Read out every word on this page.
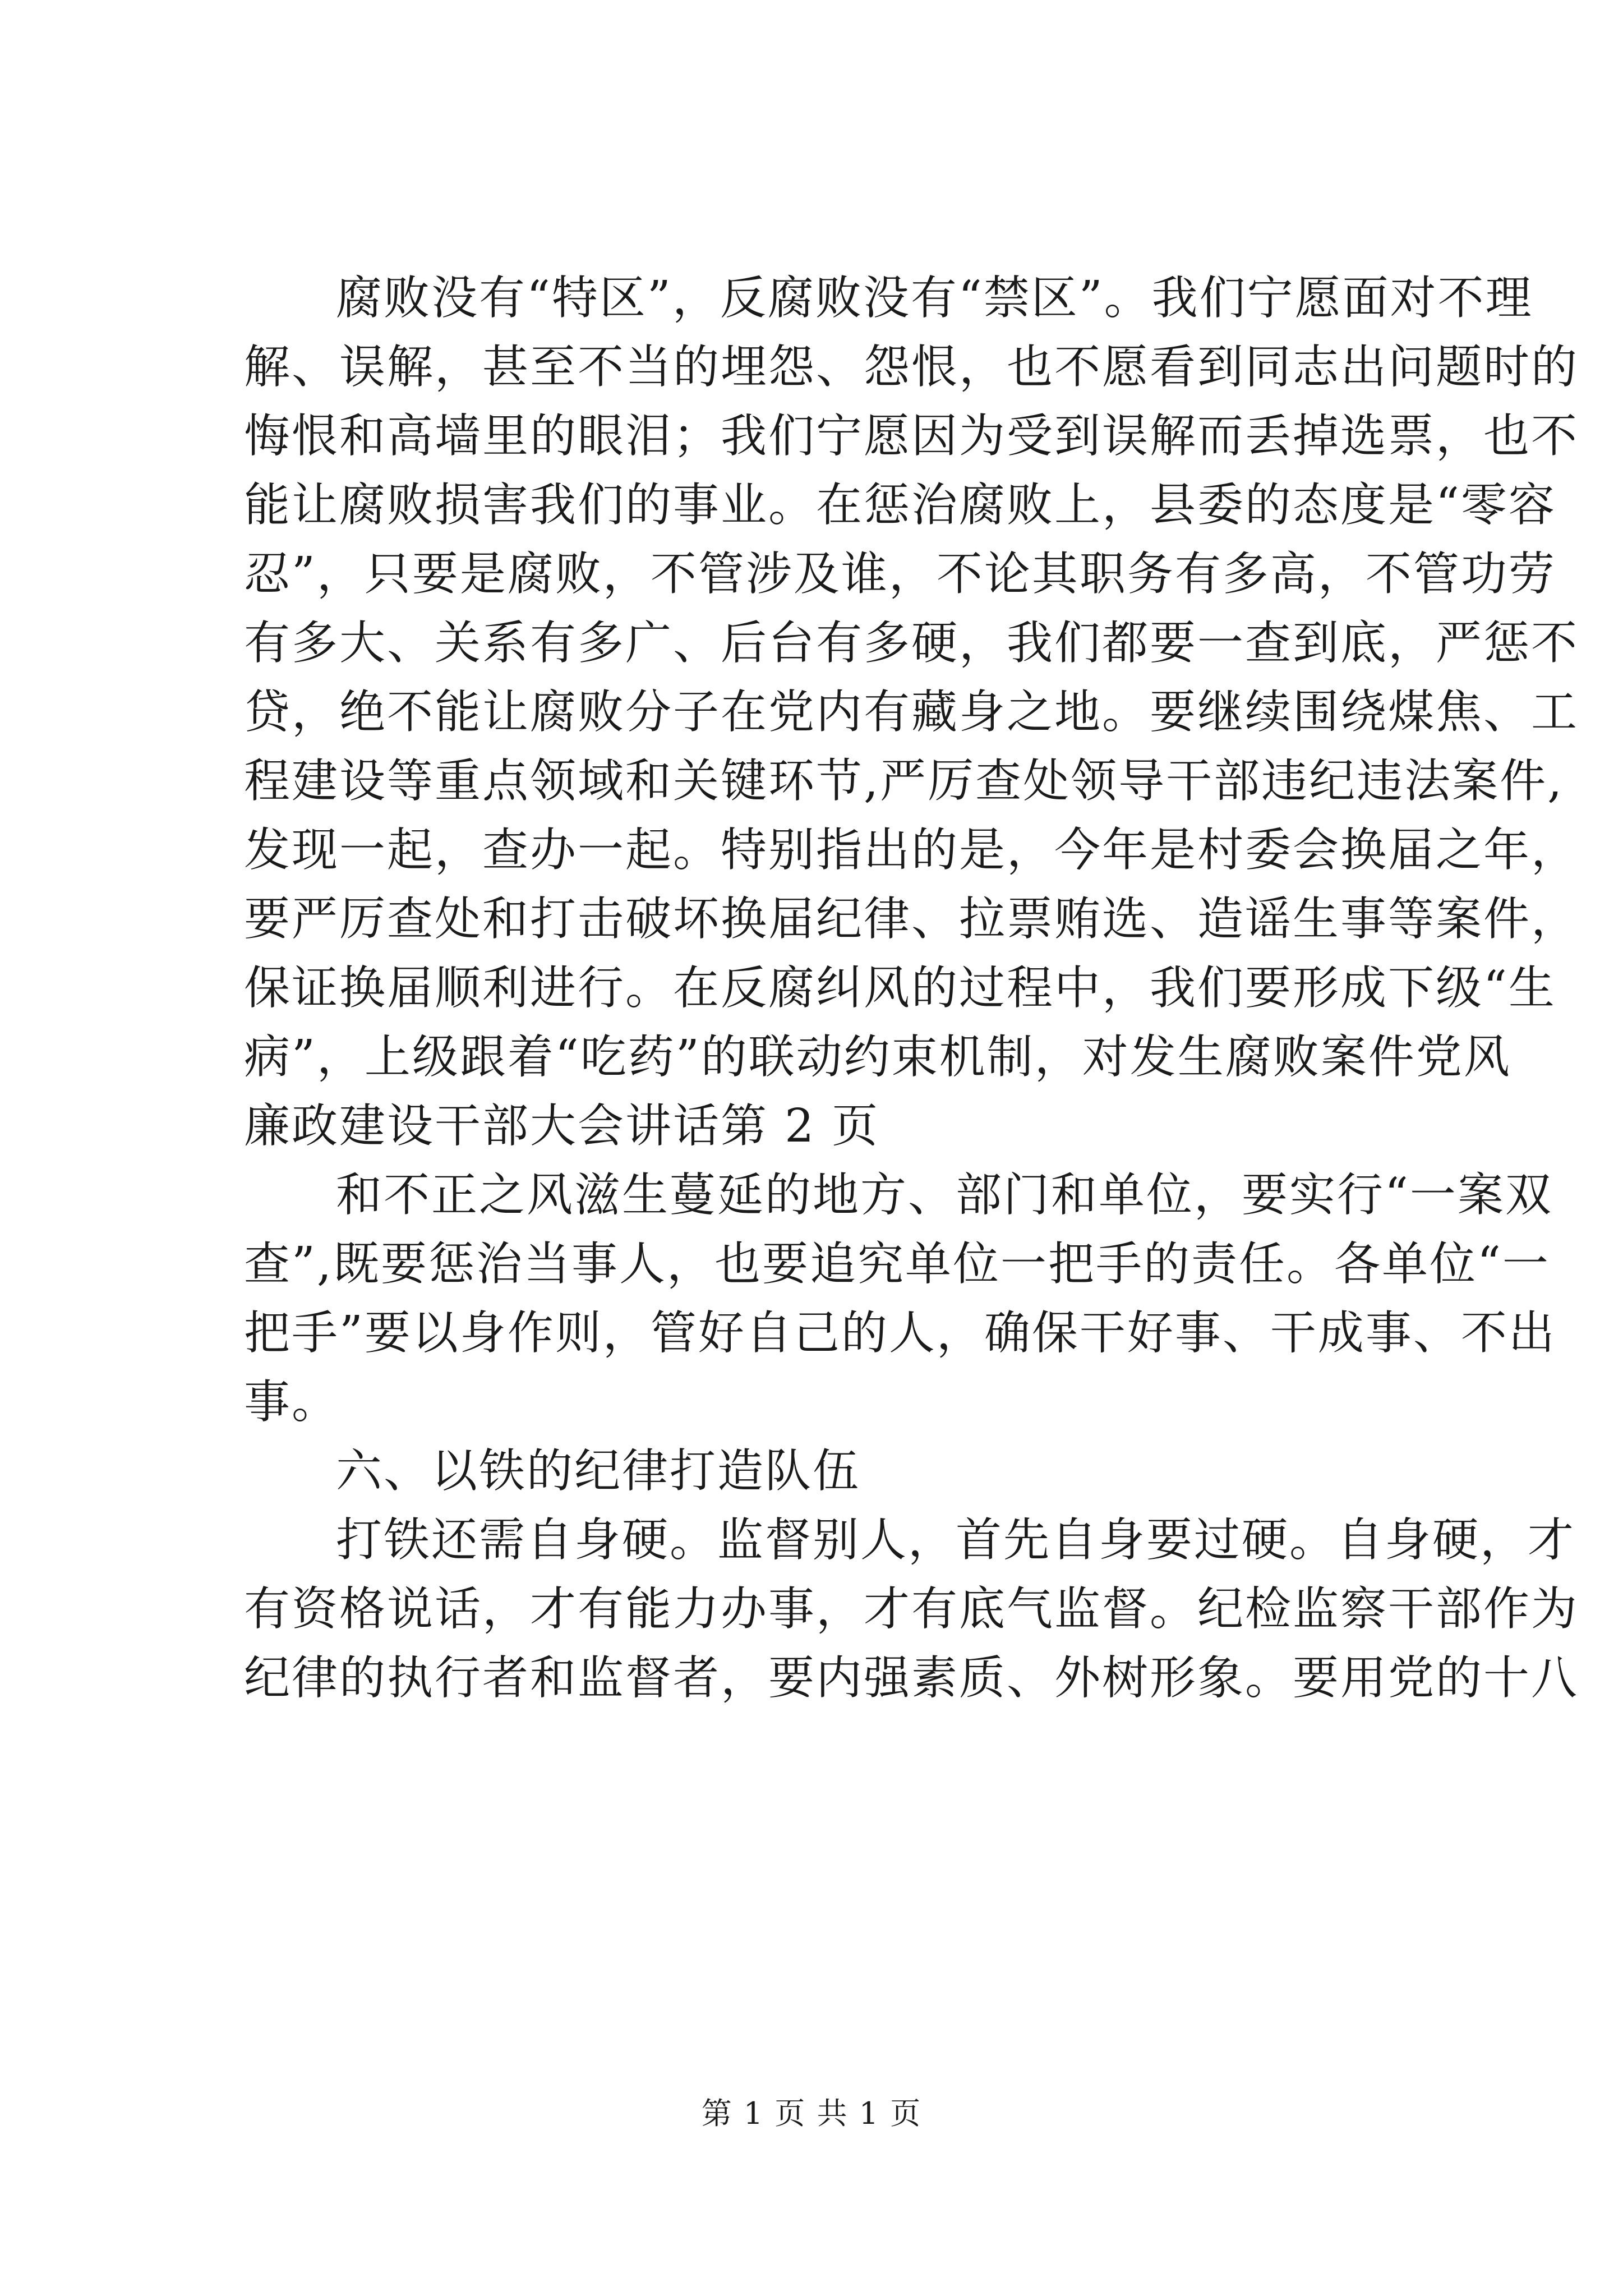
腐败没有“特区”，反腐败没有“禁区”。我们宁愿面对不理
解、误解，甚至不当的埋怨、怨恨，也不愿看到同志出问题时的
悔恨和高墙里的眼泪；我们宁愿因为受到误解而丢掉选票，也不
能让腐败损害我们的事业。在惩治腐败上，县委的态度是“零容
忍”，只要是腐败，不管涉及谁，不论其职务有多高，不管功劳
有多大、关系有多广、后台有多硬，我们都要一查到底，严惩不
贷，绝不能让腐败分子在党内有藏身之地。要继续围绕煤焦、工
程建设等重点领域和关键环节,严厉查处领导干部违纪违法案件,
发现一起，查办一起。特别指出的是，今年是村委会换届之年，
要严厉查处和打击破坏换届纪律、拉票贿选、造谣生事等案件，
保证换届顺利进行。在反腐纠风的过程中，我们要形成下级“生
病”，上级跟着“吃药”的联动约束机制，对发生腐败案件党风
廉政建设干部大会讲话第 2 页
和不正之风滋生蔓延的地方、部门和单位，要实行“一案双
查”,既要惩治当事人，也要追究单位一把手的责任。各单位“一
把手”要以身作则，管好自己的人，确保干好事、干成事、不出
事。
六、以铁的纪律打造队伍
打铁还需自身硬。监督别人，首先自身要过硬。自身硬，才
有资格说话，才有能力办事，才有底气监督。纪检监察干部作为
纪律的执行者和监督者，要内强素质、外树形象。要用党的十八
第 1 页 共 1 页
